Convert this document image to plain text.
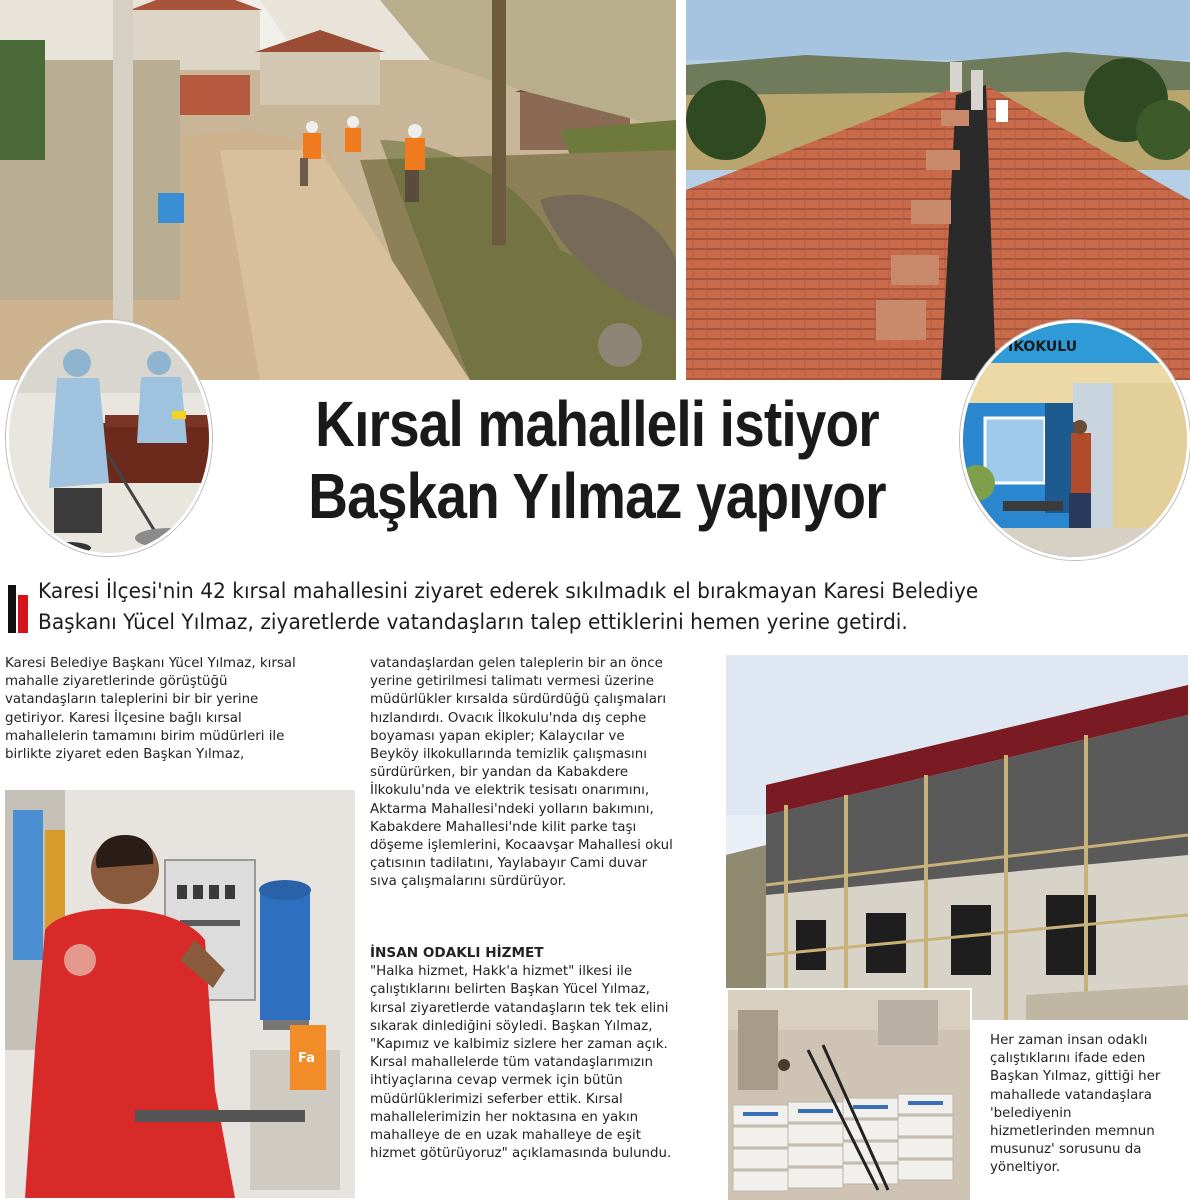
İKOKULU
Kırsal mahalleli istiyor
Başkan Yılmaz yapıyor
Karesi İlçesi'nin 42 kırsal mahallesini ziyaret ederek sıkılmadık el bırakmayan Karesi Belediye
Başkanı Yücel Yılmaz, ziyaretlerde vatandaşların talep ettiklerini hemen yerine getirdi.
Karesi Belediye Başkanı Yücel Yılmaz, kırsal
mahalle ziyaretlerinde görüştüğü
vatandaşların taleplerini bir bir yerine
getiriyor. Karesi İlçesine bağlı kırsal
mahallelerin tamamını birim müdürleri ile
birlikte ziyaret eden Başkan Yılmaz,
Fa
vatandaşlardan gelen taleplerin bir an önce
yerine getirilmesi talimatı vermesi üzerine
müdürlükler kırsalda sürdürdüğü çalışmaları
hızlandırdı. Ovacık İlkokulu'nda dış cephe
boyaması yapan ekipler; Kalaycılar ve
Beyköy ilkokullarında temizlik çalışmasını
sürdürürken, bir yandan da Kabakdere
İlkokulu'nda ve elektrik tesisatı onarımını,
Aktarma Mahallesi'ndeki yolların bakımını,
Kabakdere Mahallesi'nde kilit parke taşı
döşeme işlemlerini, Kocaavşar Mahallesi okul
çatısının tadilatını, Yaylabayır Cami duvar
sıva çalışmalarını sürdürüyor.
İNSAN ODAKLI HİZMET
"Halka hizmet, Hakk'a hizmet" ilkesi ile
çalıştıklarını belirten Başkan Yücel Yılmaz,
kırsal ziyaretlerde vatandaşların tek tek elini
sıkarak dinlediğini söyledi. Başkan Yılmaz,
"Kapımız ve kalbimiz sizlere her zaman açık.
Kırsal mahallelerde tüm vatandaşlarımızın
ihtiyaçlarına cevap vermek için bütün
müdürlüklerimizi seferber ettik. Kırsal
mahallelerimizin her noktasına en yakın
mahalleye de en uzak mahalleye de eşit
hizmet götürüyoruz" açıklamasında bulundu.
Her zaman insan odaklı
çalıştıklarını ifade eden
Başkan Yılmaz, gittiği her
mahallede vatandaşlara
'belediyenin
hizmetlerinden memnun
musunuz' sorusunu da
yöneltiyor.
